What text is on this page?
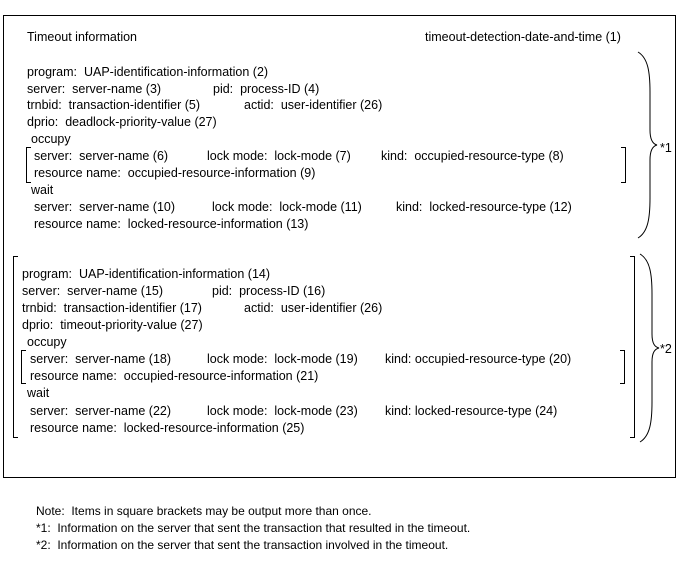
Timeout information	timeout-detection-date-and-time (1)
program:  UAP-identification-information (2)
server:  server-name (3)	pid:  process-ID (4)
trnbid:  transaction-identifier (5)	actid:  user-identifier (26)
dprio:  deadlock-priority-value (27)
occupy
server:  server-name (6)	lock mode:  lock-mode (7) kind:  occupied-resource-type (8)
resource name:  occupied-resource-information (9)
wait
server:  server-name (10)	lock mode:  lock-mode (11)	kind:  locked-resource-type (12)
resource name:  locked-resource-information (13)
*1
program:  UAP-identification-information (14)
server:  server-name (15)	pid:  process-ID (16)
trnbid:  transaction-identifier (17)	actid:  user-identifier (26)
dprio:  timeout-priority-value (27)
occupy
server:  server-name (18)	lock mode:  lock-mode (19) kind: occupied-resource-type (20)
resource name:  occupied-resource-information (21)
wait
server:  server-name (22)	lock mode:  lock-mode (23) kind: locked-resource-type (24)
resource name:  locked-resource-information (25)
*2
Note:  Items in square brackets may be output more than once.
*1:  Information on the server that sent the transaction that resulted in the timeout.
*2:  Information on the server that sent the transaction involved in the timeout.
